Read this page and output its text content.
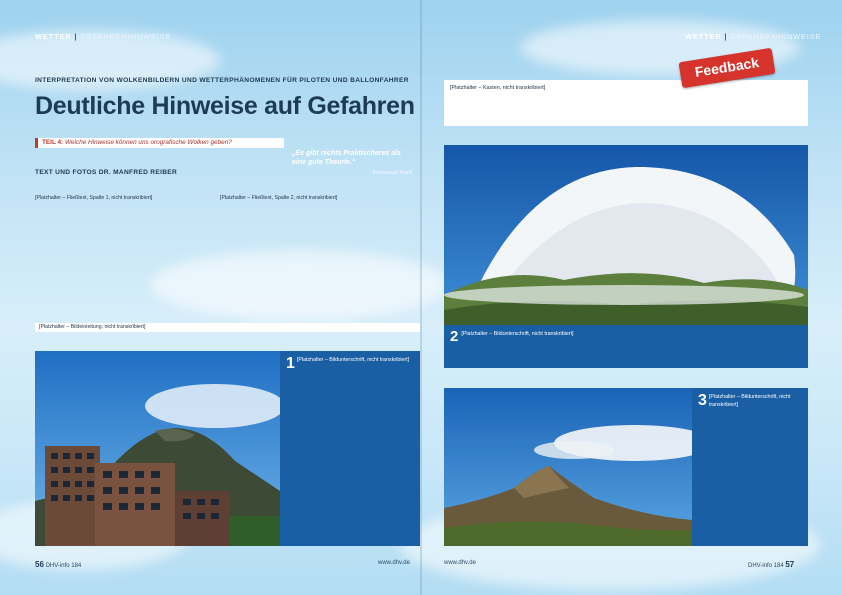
WETTER | GEFAHRENHINWEISE
INTERPRETATION VON WOLKENBILDERN UND WETTERPHÄNOMENEN FÜR PILOTEN UND BALLONFAHRER
Deutliche Hinweise auf Gefahren
TEIL 4: Welche Hinweise können uns orografische Wolken geben?
TEXT UND FOTOS DR. MANFRED REIBER
„Es gibt nichts Praktischeres als eine gute Theorie.“
Immanuel Kant
[Platzhalter – Fließtext, Spalte 1, nicht transkribiert]	[Platzhalter – Fließtext, Spalte 2, nicht transkribiert]
[Platzhalter – Bildeinleitung, nicht transkribiert]
1 [Platzhalter – Bildunterschrift, nicht transkribiert]
56 DHV-info 184	www.dhv.de
WETTER | GEFAHRENHINWEISE

[Platzhalter – Kasten, nicht transkribiert]

Feedback
2 [Platzhalter – Bildunterschrift, nicht transkribiert]
3 [Platzhalter – Bildunterschrift, nicht transkribiert]
www.dhv.de	DHV-info 184 57
